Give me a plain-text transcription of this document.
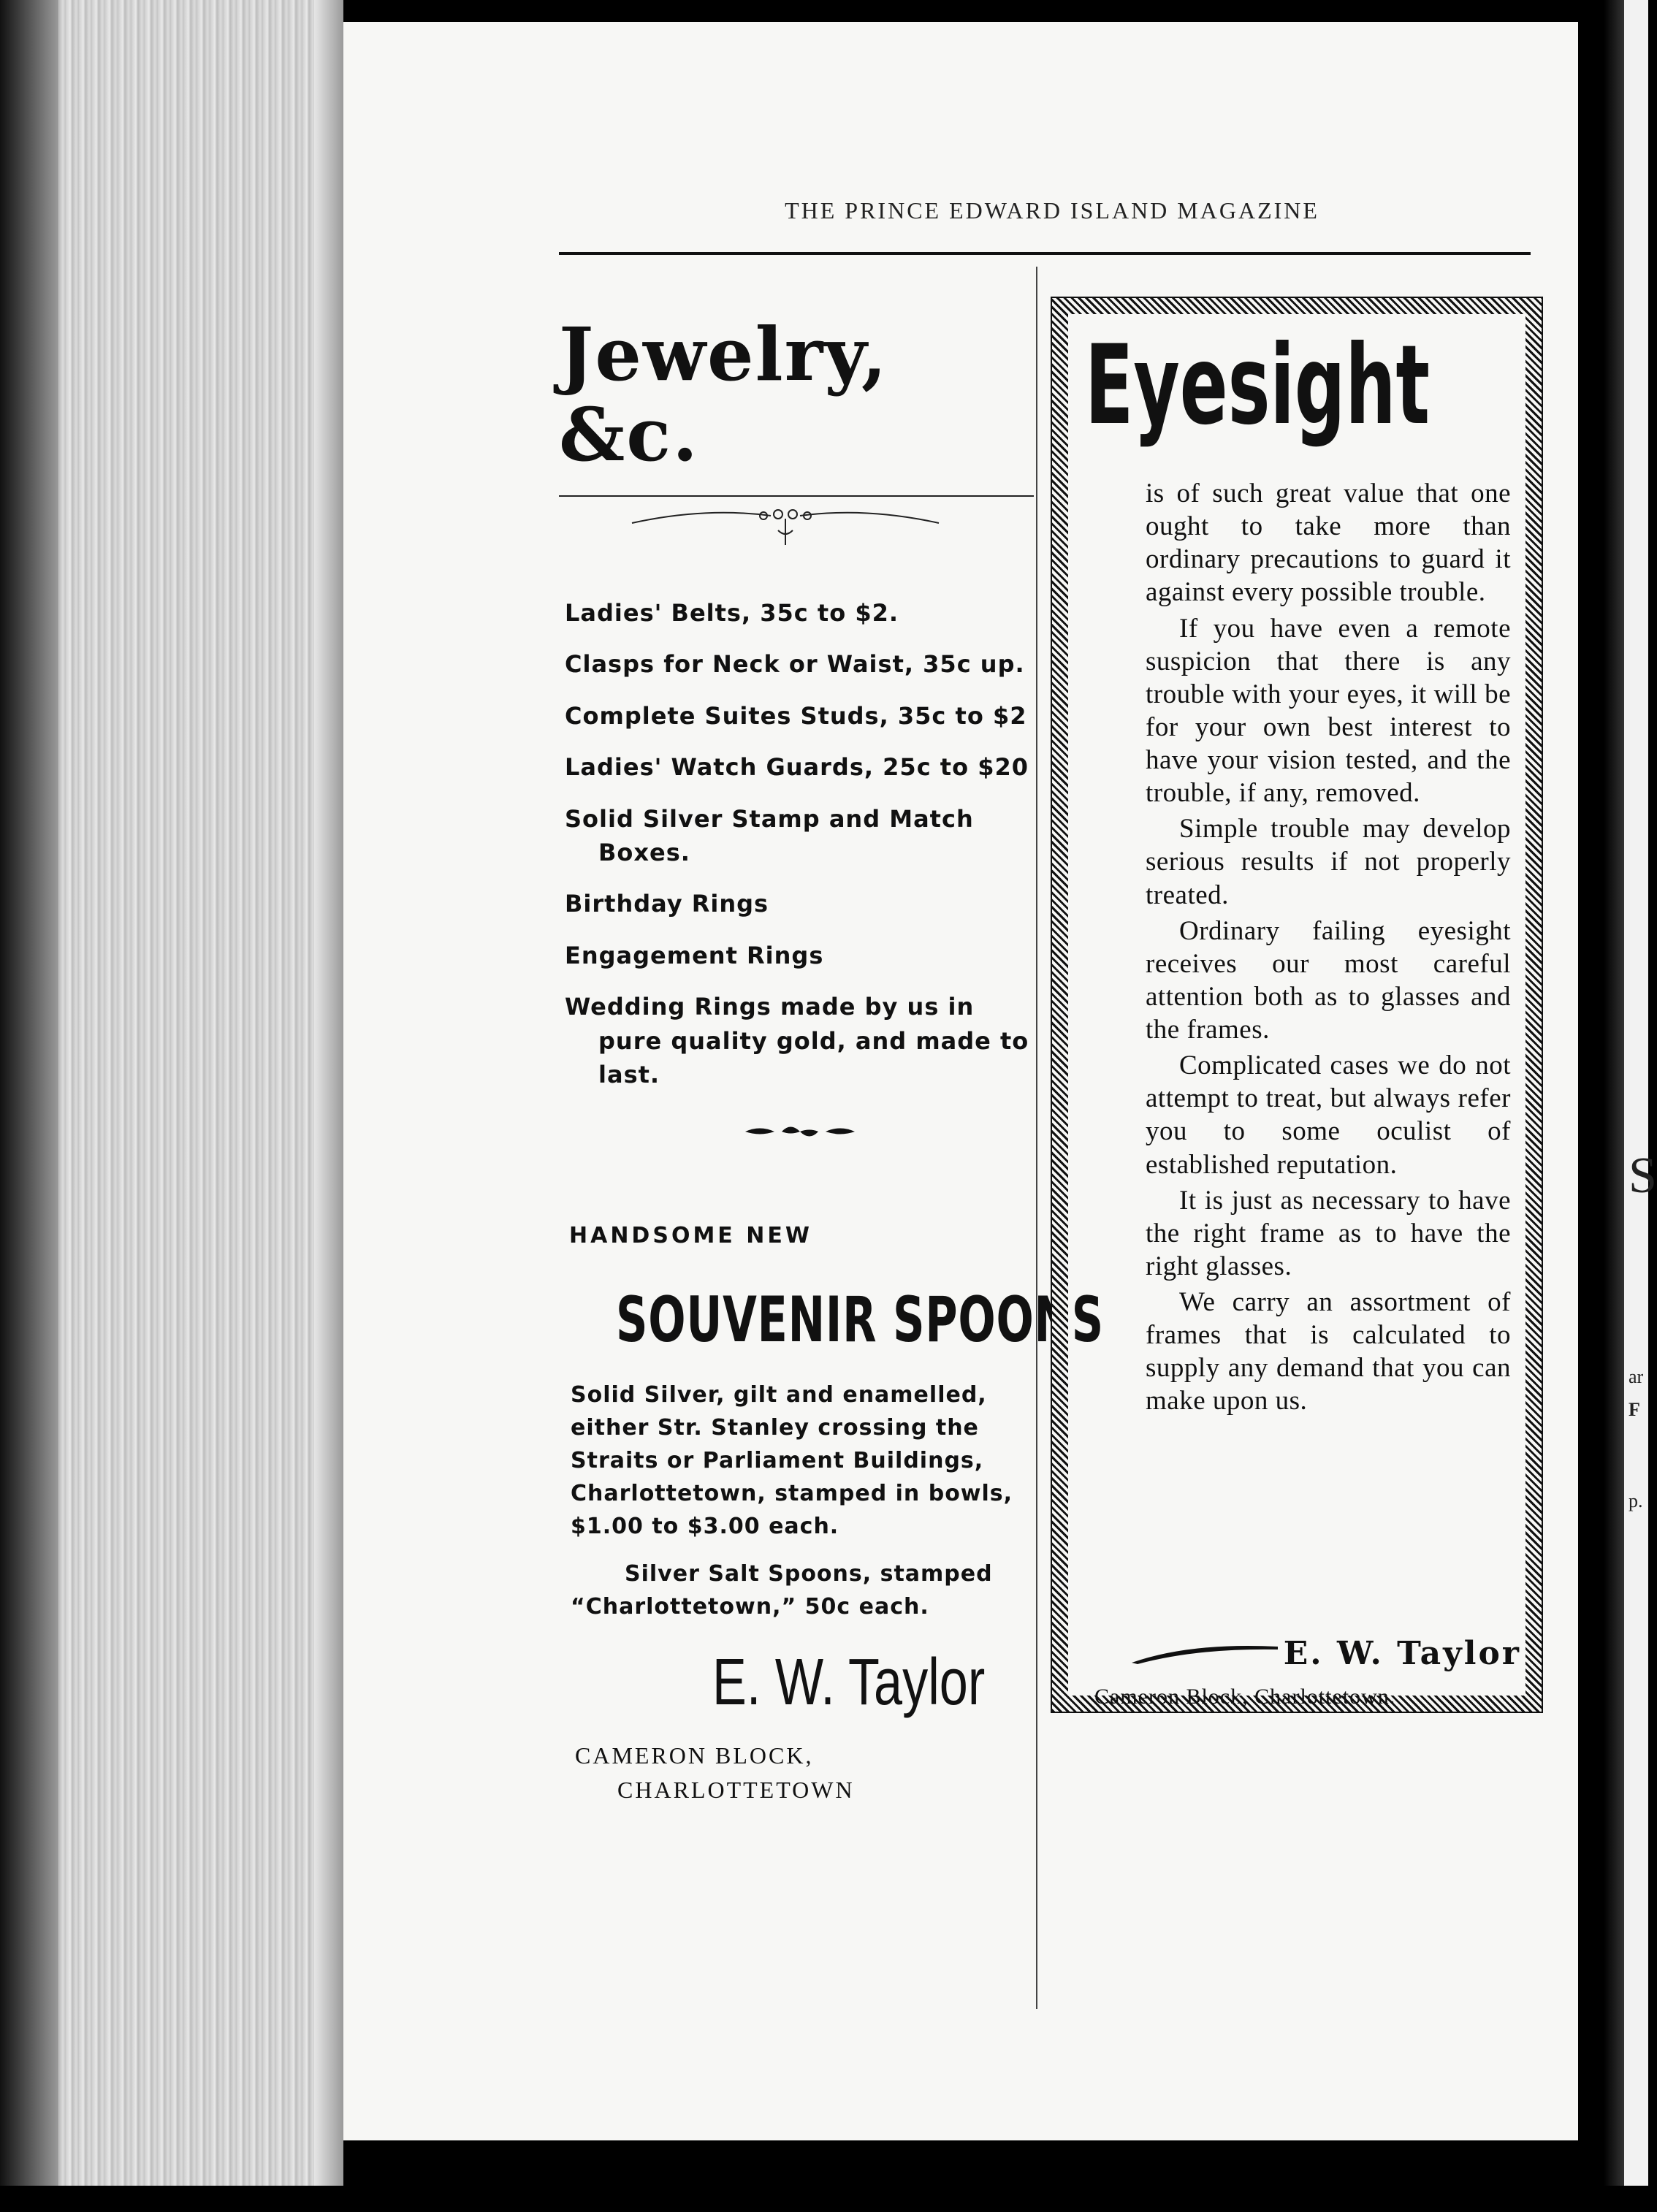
S
ar
F
p.
THE PRINCE EDWARD ISLAND MAGAZINE
Jewelry, &c.
Ladies' Belts, 35c to $2.
Clasps for Neck or Waist, 35c up.
Complete Suites Studs, 35c to $2
Ladies' Watch Guards, 25c to $20
Solid Silver Stamp and Match Boxes.
Birthday Rings
Engagement Rings
Wedding Rings made by us in pure quality gold, and made to last.
HANDSOME NEW
SOUVENIR SPOONS
Solid Silver, gilt and enamelled, either Str. Stanley crossing the Straits or Parliament Buildings, Charlottetown, stamped in bowls, $1.00 to $3.00 each.
Silver Salt Spoons, stamped
“Charlottetown,” 50c each.
E. W. Taylor
CAMERON BLOCK,
CHARLOTTETOWN
Eyesight

is of such great value that one ought to take more than ordinary precautions to guard it against every possible trouble.

If you have even a remote suspicion that there is any trouble with your eyes, it will be for your own best interest to have your vision tested, and the trouble, if any, removed.

Simple trouble may develop serious results if not properly treated.

Ordinary failing eyesight receives our most careful attention both as to glasses and the frames.

Complicated cases we do not attempt to treat, but always refer you to some oculist of established reputation.

It is just as necessary to have the right frame as to have the right glasses.

We carry an assortment of frames that is calculated to supply any demand that you can make upon us.

E. W. Taylor
Cameron Block, Charlottetown.
